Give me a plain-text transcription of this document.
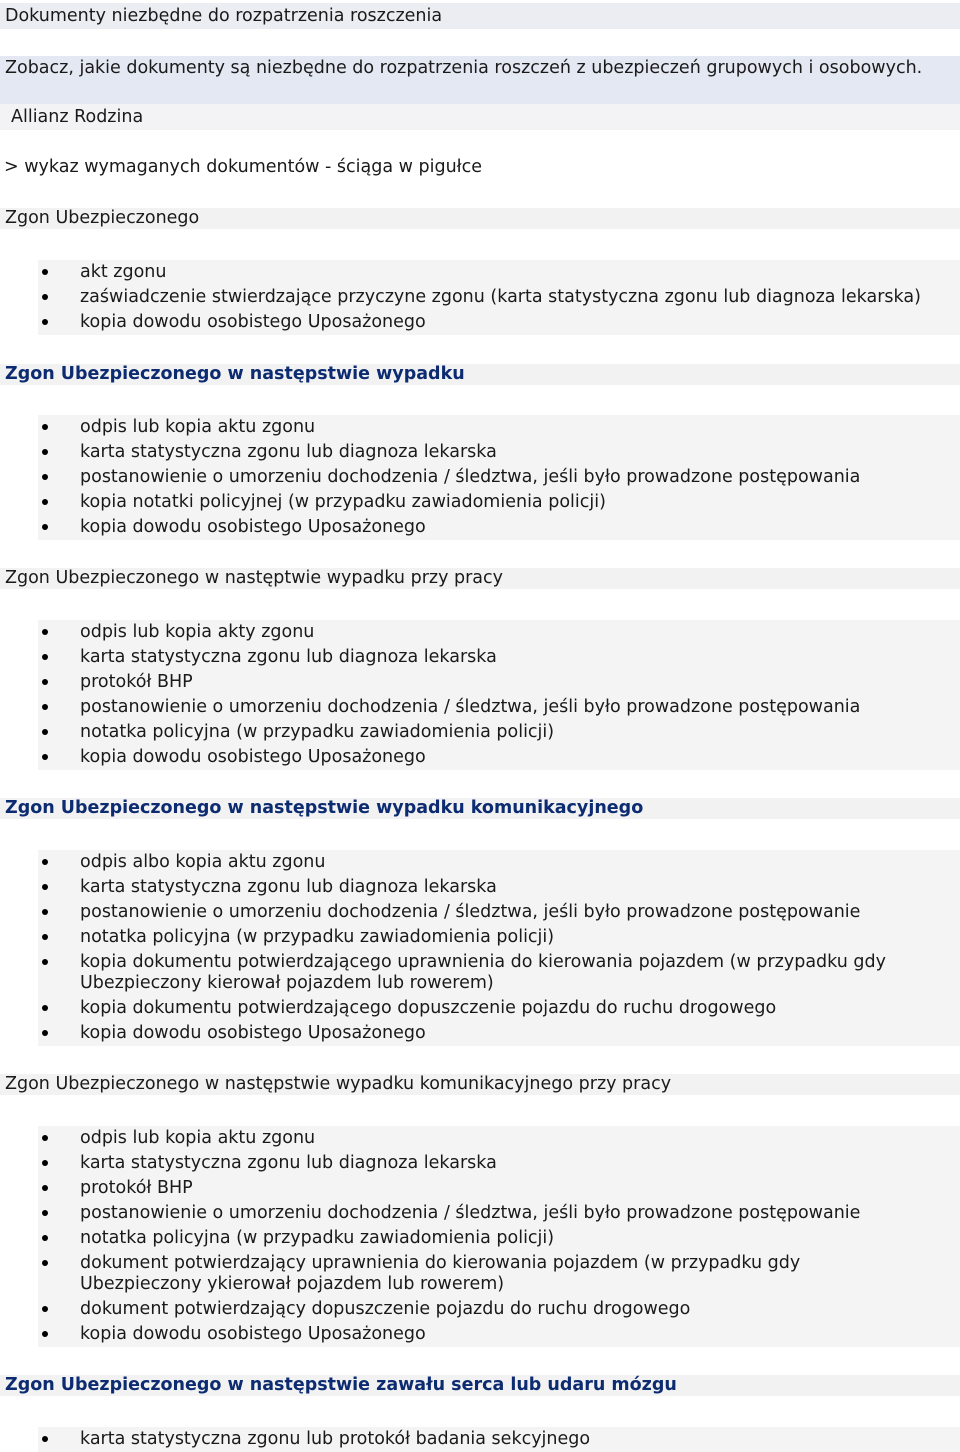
Dokumenty niezbędne do rozpatrzenia roszczenia
Zobacz, jakie dokumenty są niezbędne do rozpatrzenia roszczeń z ubezpieczeń grupowych i osobowych.
Allianz Rodzina
> wykaz wymaganych dokumentów - ściąga w pigułce
Zgon Ubezpieczonego
akt zgonu
zaświadczenie stwierdzające przyczyne zgonu (karta statystyczna zgonu lub diagnoza lekarska)
kopia dowodu osobistego Uposażonego
Zgon Ubezpieczonego w następstwie wypadku
odpis lub kopia aktu zgonu
karta statystyczna zgonu lub diagnoza lekarska
postanowienie o umorzeniu dochodzenia / śledztwa, jeśli było prowadzone postępowania
kopia notatki policyjnej (w przypadku zawiadomienia policji)
kopia dowodu osobistego Uposażonego
Zgon Ubezpieczonego w następtwie wypadku przy pracy
odpis lub kopia akty zgonu
karta statystyczna zgonu lub diagnoza lekarska
protokół BHP
postanowienie o umorzeniu dochodzenia / śledztwa, jeśli było prowadzone postępowania
notatka policyjna (w przypadku zawiadomienia policji)
kopia dowodu osobistego Uposażonego
Zgon Ubezpieczonego w następstwie wypadku komunikacyjnego
odpis albo kopia aktu zgonu
karta statystyczna zgonu lub diagnoza lekarska
postanowienie o umorzeniu dochodzenia / śledztwa, jeśli było prowadzone postępowanie
notatka policyjna (w przypadku zawiadomienia policji)
kopia dokumentu potwierdzającego uprawnienia do kierowania pojazdem (w przypadku gdy Ubezpieczony kierował pojazdem lub rowerem)
kopia dokumentu potwierdzającego dopuszczenie pojazdu do ruchu drogowego
kopia dowodu osobistego Uposażonego
Zgon Ubezpieczonego w następstwie wypadku komunikacyjnego przy pracy
odpis lub kopia aktu zgonu
karta statystyczna zgonu lub diagnoza lekarska
protokół BHP
postanowienie o umorzeniu dochodzenia / śledztwa, jeśli było prowadzone postępowanie
notatka policyjna (w przypadku zawiadomienia policji)
dokument potwierdzający uprawnienia do kierowania pojazdem (w przypadku gdy Ubezpieczony ykierował pojazdem lub rowerem)
dokument potwierdzający dopuszczenie pojazdu do ruchu drogowego
kopia dowodu osobistego Uposażonego
Zgon Ubezpieczonego w następstwie zawału serca lub udaru mózgu
karta statystyczna zgonu lub protokół badania sekcyjnego
